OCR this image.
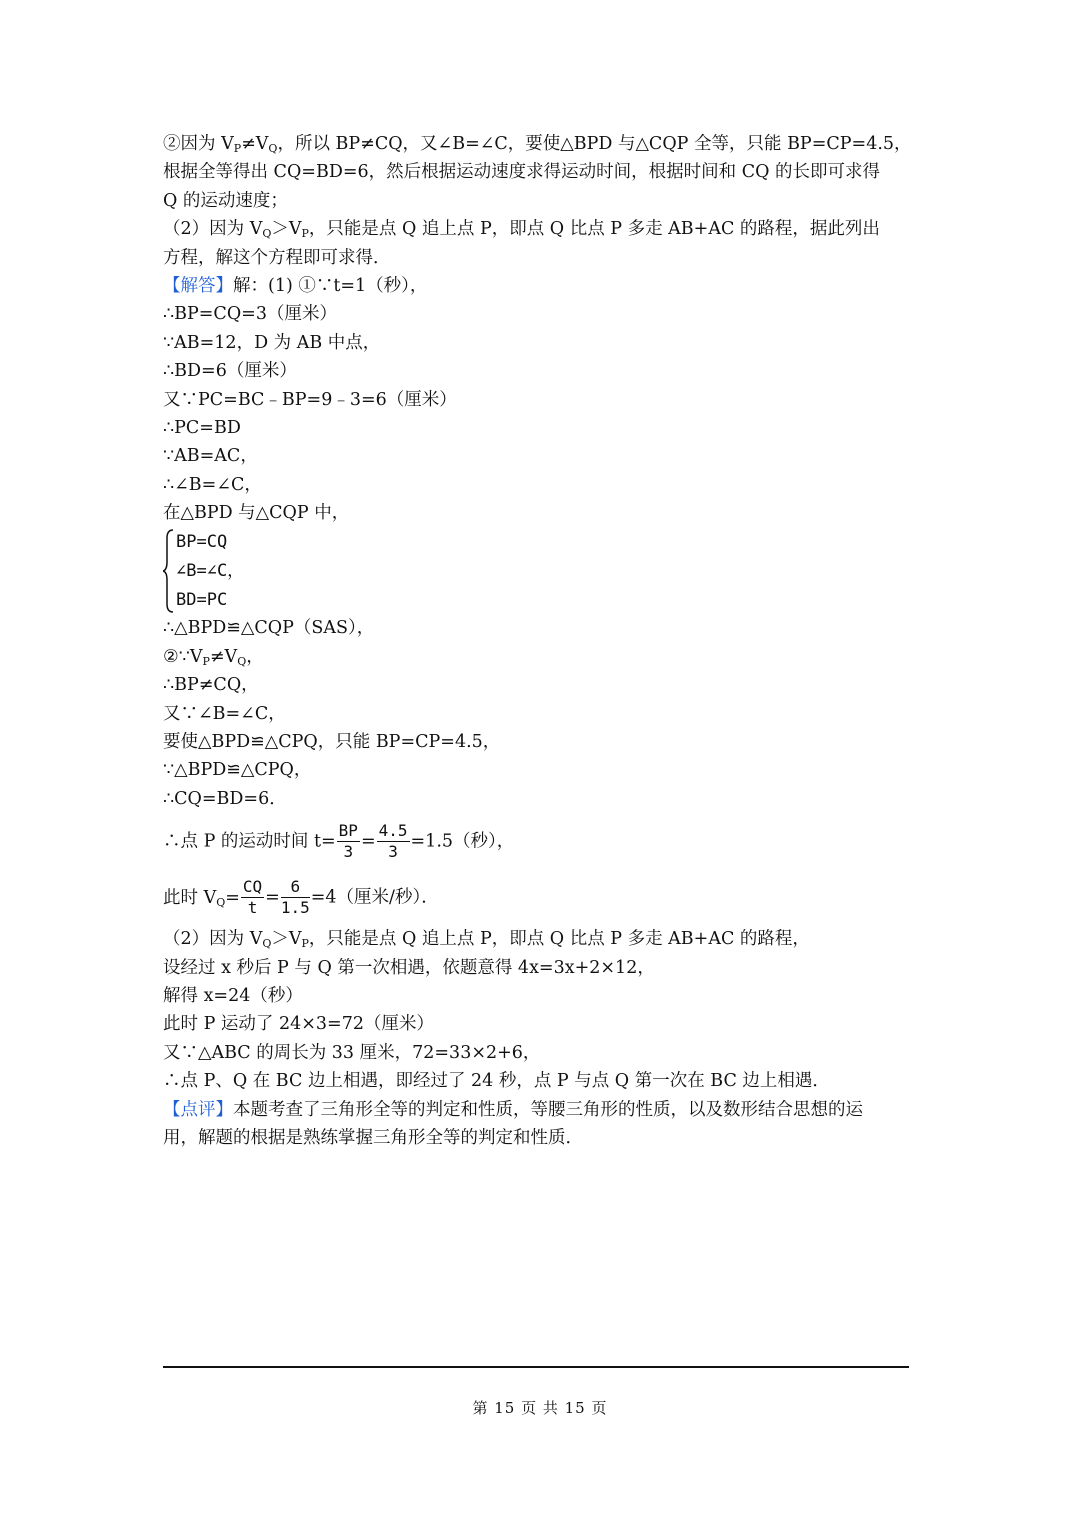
②因为 $V_P\ne V_Q$，所以 BP≠CQ，又∠B=∠C，要使△BPD 与△CQP 全等，只能 BP=CP=4.5，
根据全等得出 CQ=BD=6，然后根据运动速度求得运动时间，根据时间和 CQ 的长即可求得
Q 的运动速度；
（2）因为 $V_Q>V_P$，只能是点 Q 追上点 P，即点 Q 比点 P 多走 AB+AC 的路程，据此列出
方程，解这个方程即可求得．
【解答】解：(1) ①∵t=1（秒），
∴BP=CQ=3（厘米）
∵AB=12，D 为 AB 中点，
∴BD=6（厘米）
又∵PC=BC﹣BP=9﹣3=6（厘米）
∴PC=BD
∵AB=AC，
∴∠B=∠C，
在△BPD 与△CQP 中，
BP=CQ
∠B=∠C，
BD=PC
∴△BPD≌△CQP（SAS），
$②\because V_P\ne V_Q$，
∴BP≠CQ，
又∵∠B=∠C，
要使△BPD≌△CPQ，只能 BP=CP=4.5，
∵△BPD≌△CPQ，
∴CQ=BD=6．
∴点 P 的运动时间 $t= \frac{BP}{3} = \frac{4.5}{3} =1.5$（秒），
此时 $V_Q= \frac{CQ}{t} = \frac{6}{1.5} =4$（厘米/秒）．
（2）因为 $V_Q>V_P$，只能是点 Q 追上点 P，即点 Q 比点 P 多走 AB+AC 的路程，
设经过 x 秒后 P 与 Q 第一次相遇，依题意得 4x=3x+2×12，
解得 x=24（秒）
此时 P 运动了 24×3=72（厘米）
又∵△ABC 的周长为 33 厘米，72=33×2+6，
∴点 P、Q 在 BC 边上相遇，即经过了 24 秒，点 P 与点 Q 第一次在 BC 边上相遇．
【点评】本题考查了三角形全等的判定和性质，等腰三角形的性质，以及数形结合思想的运
用，解题的根据是熟练掌握三角形全等的判定和性质．
第 15 页 共 15 页
